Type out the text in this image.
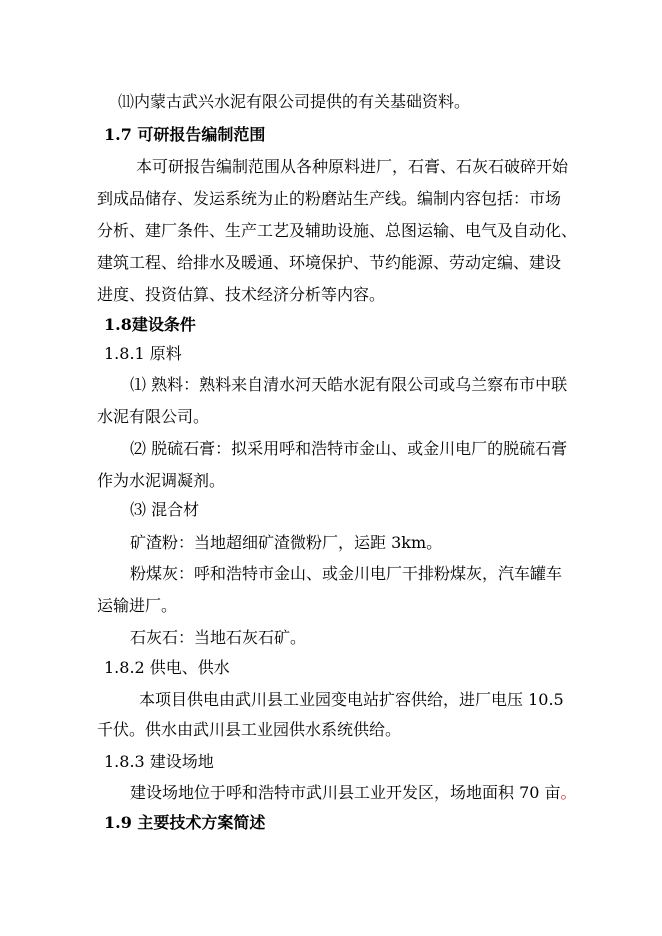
⑾内蒙古武兴水泥有限公司提供的有关基础资料。
1.7 可研报告编制范围
本可研报告编制范围从各种原料进厂，石膏、石灰石破碎开始
到成品储存、发运系统为止的粉磨站生产线。编制内容包括：市场
分析、建厂条件、生产工艺及辅助设施、总图运输、电气及自动化、
建筑工程、给排水及暖通、环境保护、节约能源、劳动定编、建设
进度、投资估算、技术经济分析等内容。
1.8建设条件
1.8.1 原料
⑴ 熟料：熟料来自清水河天皓水泥有限公司或乌兰察布市中联
水泥有限公司。
⑵ 脱硫石膏：拟采用呼和浩特市金山、或金川电厂的脱硫石膏
作为水泥调凝剂。
⑶ 混合材
矿渣粉：当地超细矿渣微粉厂，运距 3km。
粉煤灰：呼和浩特市金山、或金川电厂干排粉煤灰，汽车罐车
运输进厂。
石灰石：当地石灰石矿。
1.8.2 供电、供水
本项目供电由武川县工业园变电站扩容供给，进厂电压 10.5
千伏。供水由武川县工业园供水系统供给。
1.8.3 建设场地
建设场地位于呼和浩特市武川县工业开发区，场地面积 70 亩。
1.9 主要技术方案简述
